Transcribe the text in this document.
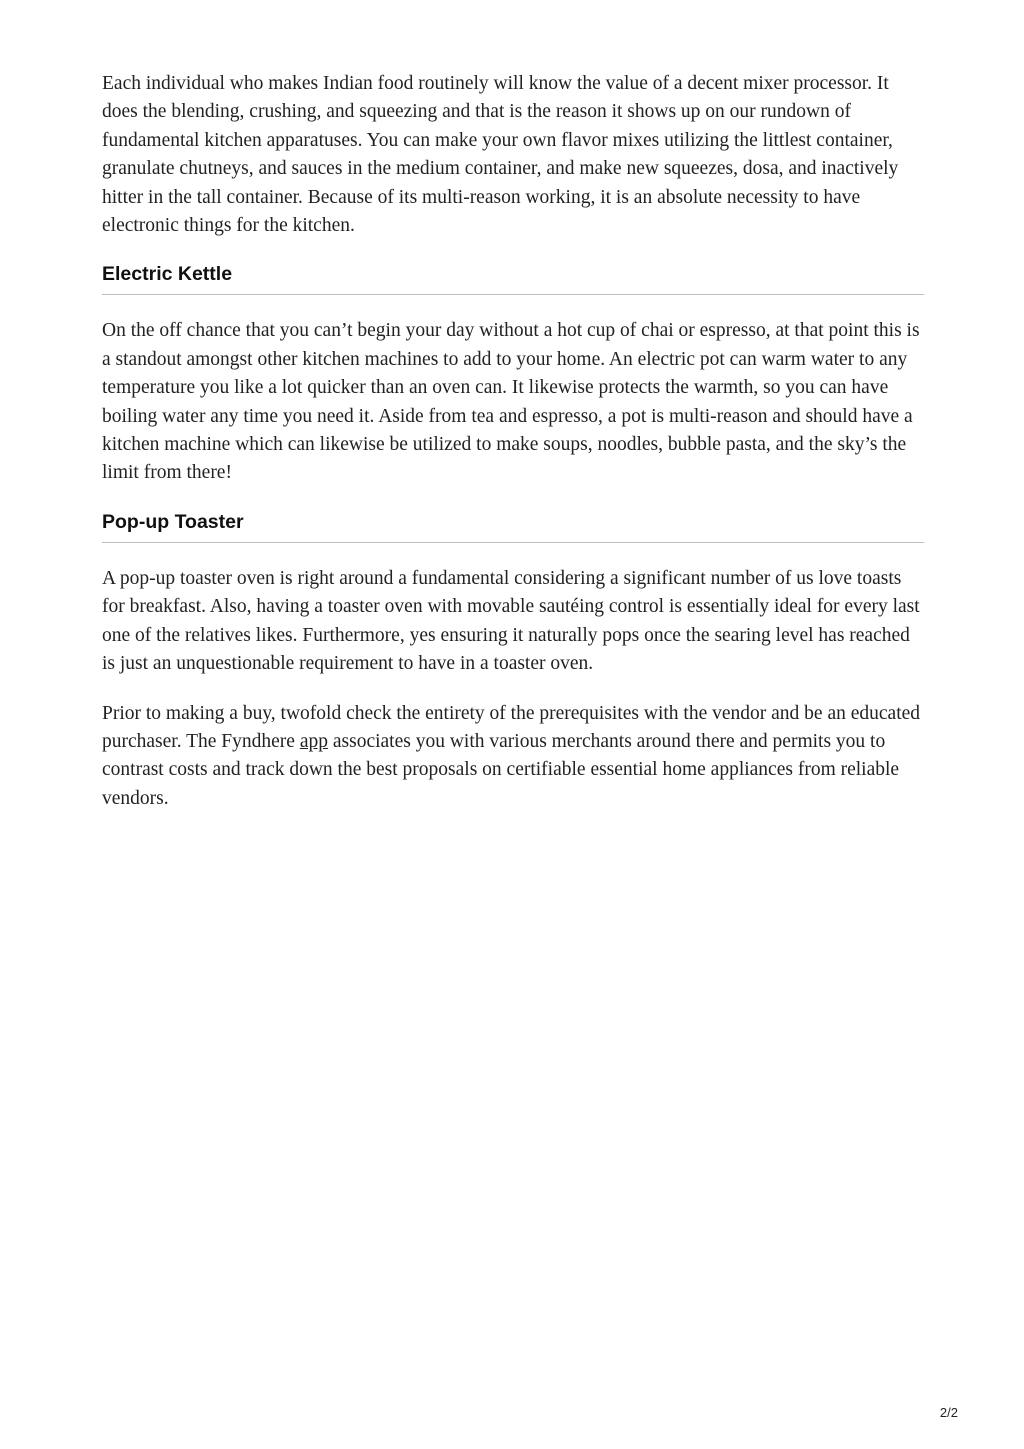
Each individual who makes Indian food routinely will know the value of a decent mixer processor. It does the blending, crushing, and squeezing and that is the reason it shows up on our rundown of fundamental kitchen apparatuses. You can make your own flavor mixes utilizing the littlest container, granulate chutneys, and sauces in the medium container, and make new squeezes, dosa, and inactively hitter in the tall container. Because of its multi-reason working, it is an absolute necessity to have electronic things for the kitchen.

Electric Kettle

On the off chance that you can’t begin your day without a hot cup of chai or espresso, at that point this is a standout amongst other kitchen machines to add to your home. An electric pot can warm water to any temperature you like a lot quicker than an oven can. It likewise protects the warmth, so you can have boiling water any time you need it. Aside from tea and espresso, a pot is multi-reason and should have a kitchen machine which can likewise be utilized to make soups, noodles, bubble pasta, and the sky’s the limit from there!

Pop-up Toaster

A pop-up toaster oven is right around a fundamental considering a significant number of us love toasts for breakfast. Also, having a toaster oven with movable sautéing control is essentially ideal for every last one of the relatives likes. Furthermore, yes ensuring it naturally pops once the searing level has reached is just an unquestionable requirement to have in a toaster oven.

Prior to making a buy, twofold check the entirety of the prerequisites with the vendor and be an educated purchaser. The Fyndhere app associates you with various merchants around there and permits you to contrast costs and track down the best proposals on certifiable essential home appliances from reliable vendors.

2/2
